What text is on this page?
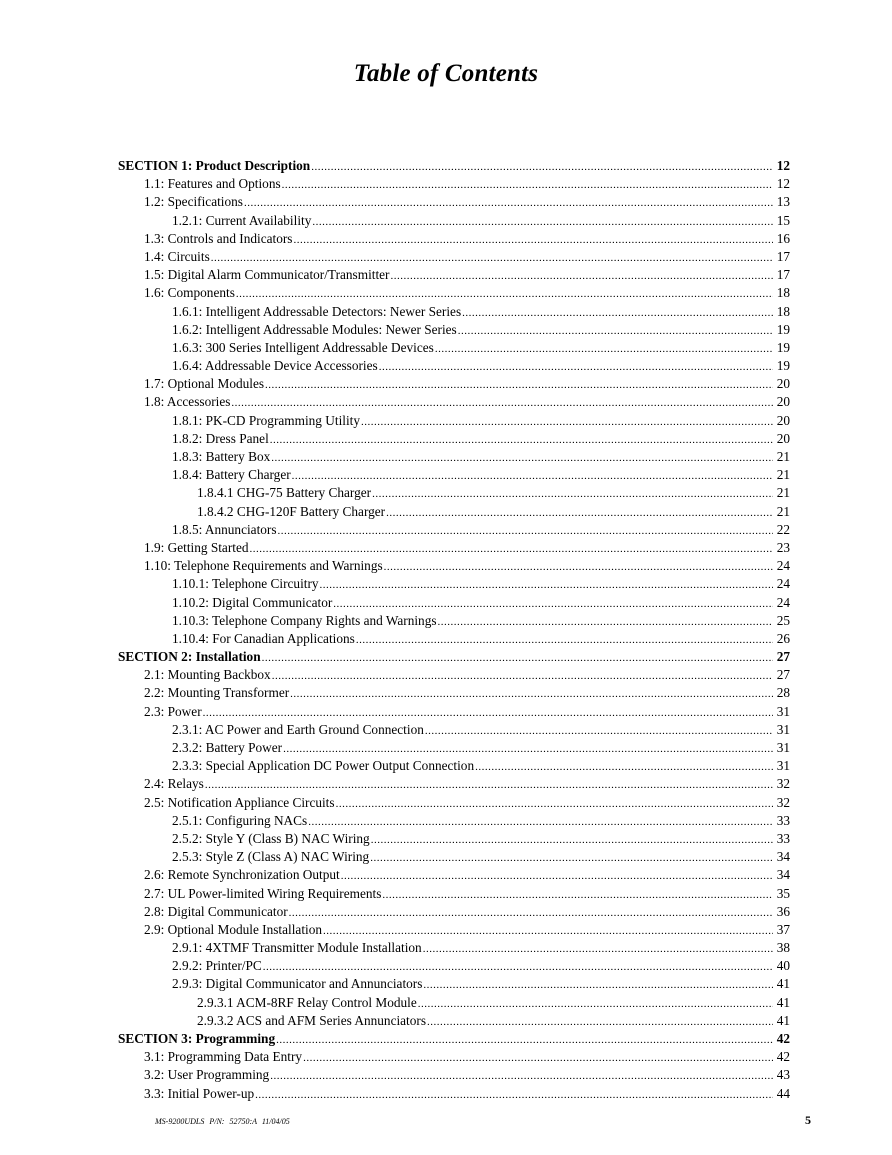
Table of Contents
SECTION 1: Product Description .....	12
1.1: Features and Options .....	12
1.2: Specifications .....	13
1.2.1: Current Availability .....	15
1.3: Controls and Indicators .....	16
1.4: Circuits .....	17
1.5: Digital Alarm Communicator/Transmitter .....	17
1.6: Components .....	18
1.6.1: Intelligent Addressable Detectors: Newer Series .....	18
1.6.2: Intelligent Addressable Modules: Newer Series .....	19
1.6.3: 300 Series Intelligent Addressable Devices .....	19
1.6.4: Addressable Device Accessories .....	19
1.7: Optional Modules .....	20
1.8: Accessories .....	20
1.8.1: PK-CD Programming Utility .....	20
1.8.2: Dress Panel .....	20
1.8.3: Battery Box .....	21
1.8.4: Battery Charger .....	21
1.8.4.1 CHG-75 Battery Charger .....	21
1.8.4.2 CHG-120F Battery Charger .....	21
1.8.5: Annunciators .....	22
1.9: Getting Started .....	23
1.10: Telephone Requirements and Warnings .....	24
1.10.1: Telephone Circuitry .....	24
1.10.2: Digital Communicator .....	24
1.10.3: Telephone Company Rights and Warnings .....	25
1.10.4: For Canadian Applications .....	26
SECTION 2: Installation .....	27
2.1: Mounting Backbox .....	27
2.2: Mounting Transformer .....	28
2.3: Power .....	31
2.3.1: AC Power and Earth Ground Connection .....	31
2.3.2: Battery Power .....	31
2.3.3: Special Application DC Power Output Connection .....	31
2.4: Relays .....	32
2.5: Notification Appliance Circuits .....	32
2.5.1: Configuring NACs .....	33
2.5.2: Style Y (Class B) NAC Wiring .....	33
2.5.3: Style Z (Class A) NAC Wiring .....	34
2.6: Remote Synchronization Output .....	34
2.7: UL Power-limited Wiring Requirements .....	35
2.8: Digital Communicator .....	36
2.9: Optional Module Installation .....	37
2.9.1: 4XTMF Transmitter Module Installation .....	38
2.9.2: Printer/PC .....	40
2.9.3: Digital Communicator and Annunciators .....	41
2.9.3.1 ACM-8RF Relay Control Module .....	41
2.9.3.2 ACS and AFM Series Annunciators .....	41
SECTION 3: Programming .....	42
3.1: Programming Data Entry .....	42
3.2: User Programming .....	43
3.3: Initial Power-up .....	44
MS-9200UDLS P/N: 52750:A 11/04/05	5
